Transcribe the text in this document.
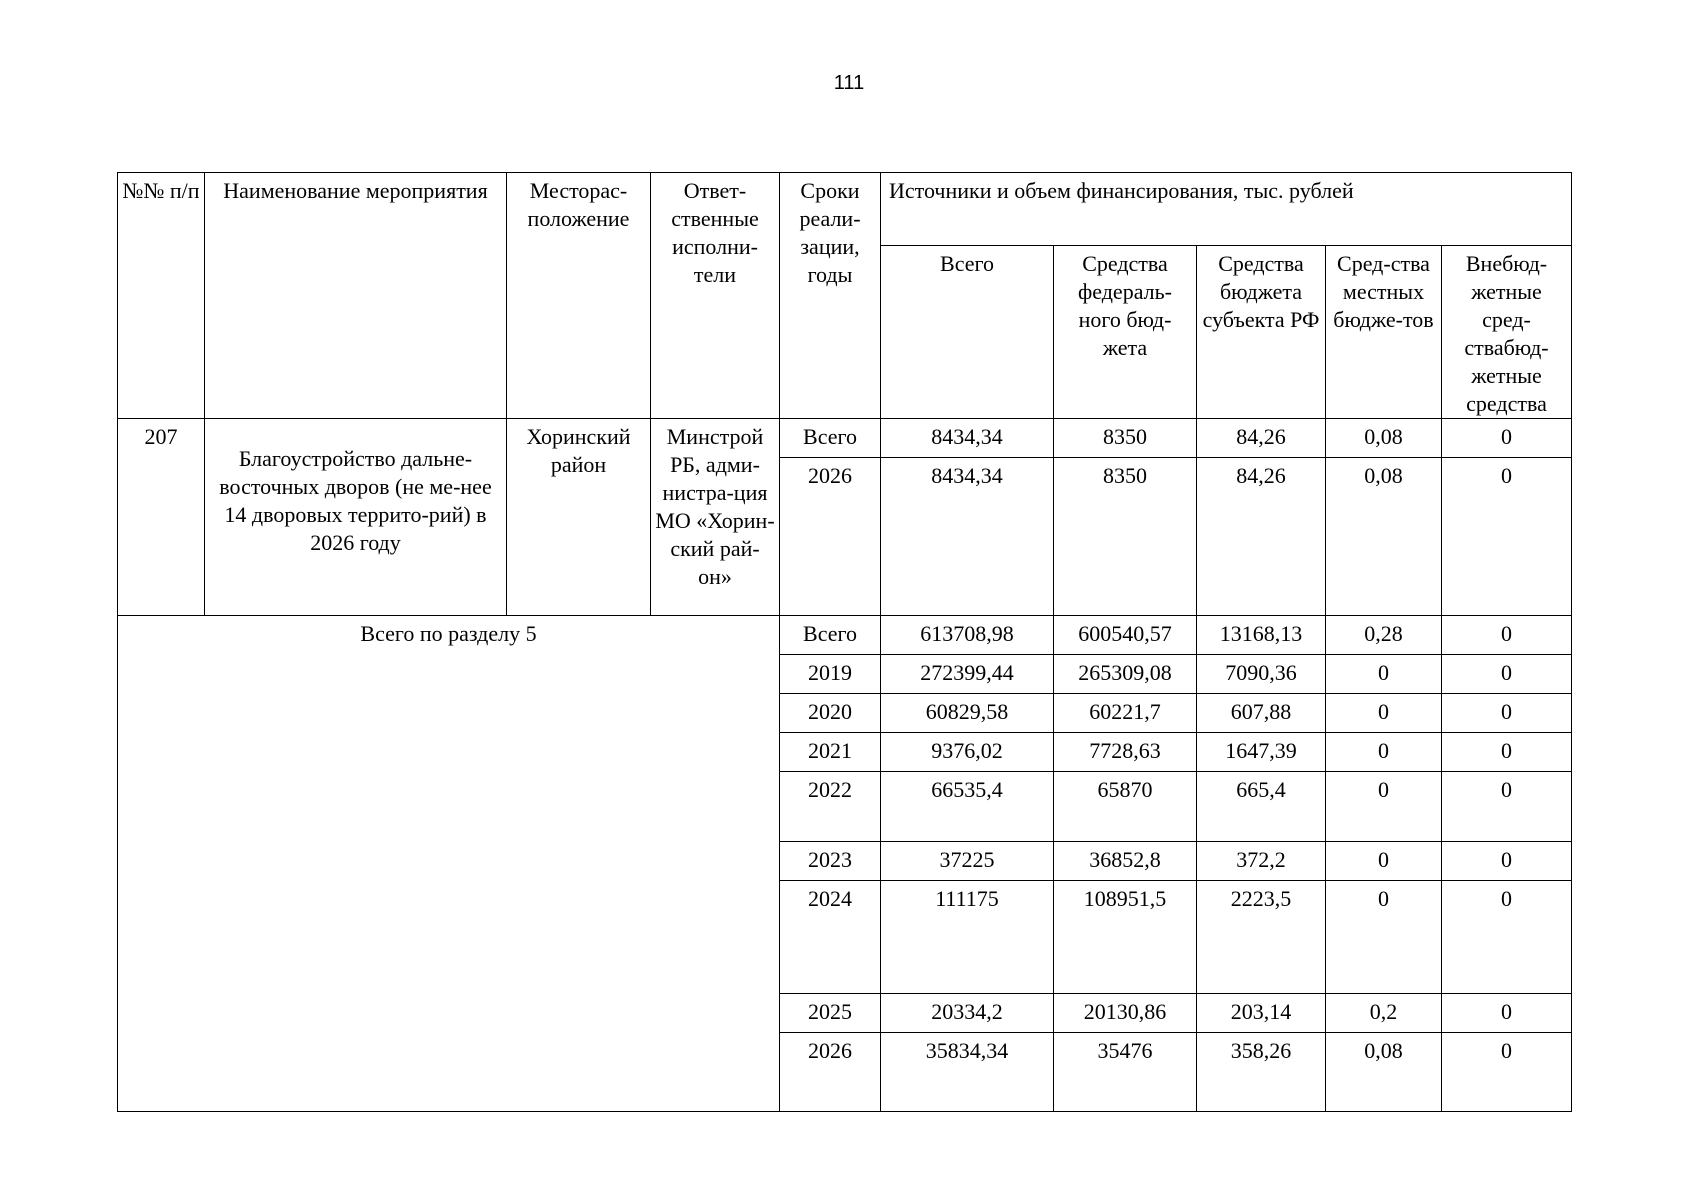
111
№№ п/п	Наименование мероприятия	Месторас-положение	Ответ-ственные исполни-тели	Сроки реали-зации, годы	Источники и объем финансирования, тыс. рублей				
					Всего	Средства федераль-ного бюд-жета	Средства бюджета субъекта РФ	Сред-ства местных бюдже-тов	Внебюд-жетные сред-ствабюд-жетные средства
207	Благоустройство дальне-восточных дворов (не ме-нее 14 дворовых террито-рий) в 2026 году	Хоринский район	Минстрой РБ, адми-нистра-ция МО «Хорин-ский рай-он»	Всего	8434,34	8350	84,26	0,08	0
				2026	8434,34	8350	84,26	0,08	0
Всего по разделу 5				Всего	613708,98	600540,57	13168,13	0,28	0
				2019	272399,44	265309,08	7090,36	0	0
				2020	60829,58	60221,7	607,88	0	0
				2021	9376,02	7728,63	1647,39	0	0
				2022	66535,4	65870	665,4	0	0
				2023	37225	36852,8	372,2	0	0
				2024	111175	108951,5	2223,5	0	0
				2025	20334,2	20130,86	203,14	0,2	0
				2026	35834,34	35476	358,26	0,08	0
